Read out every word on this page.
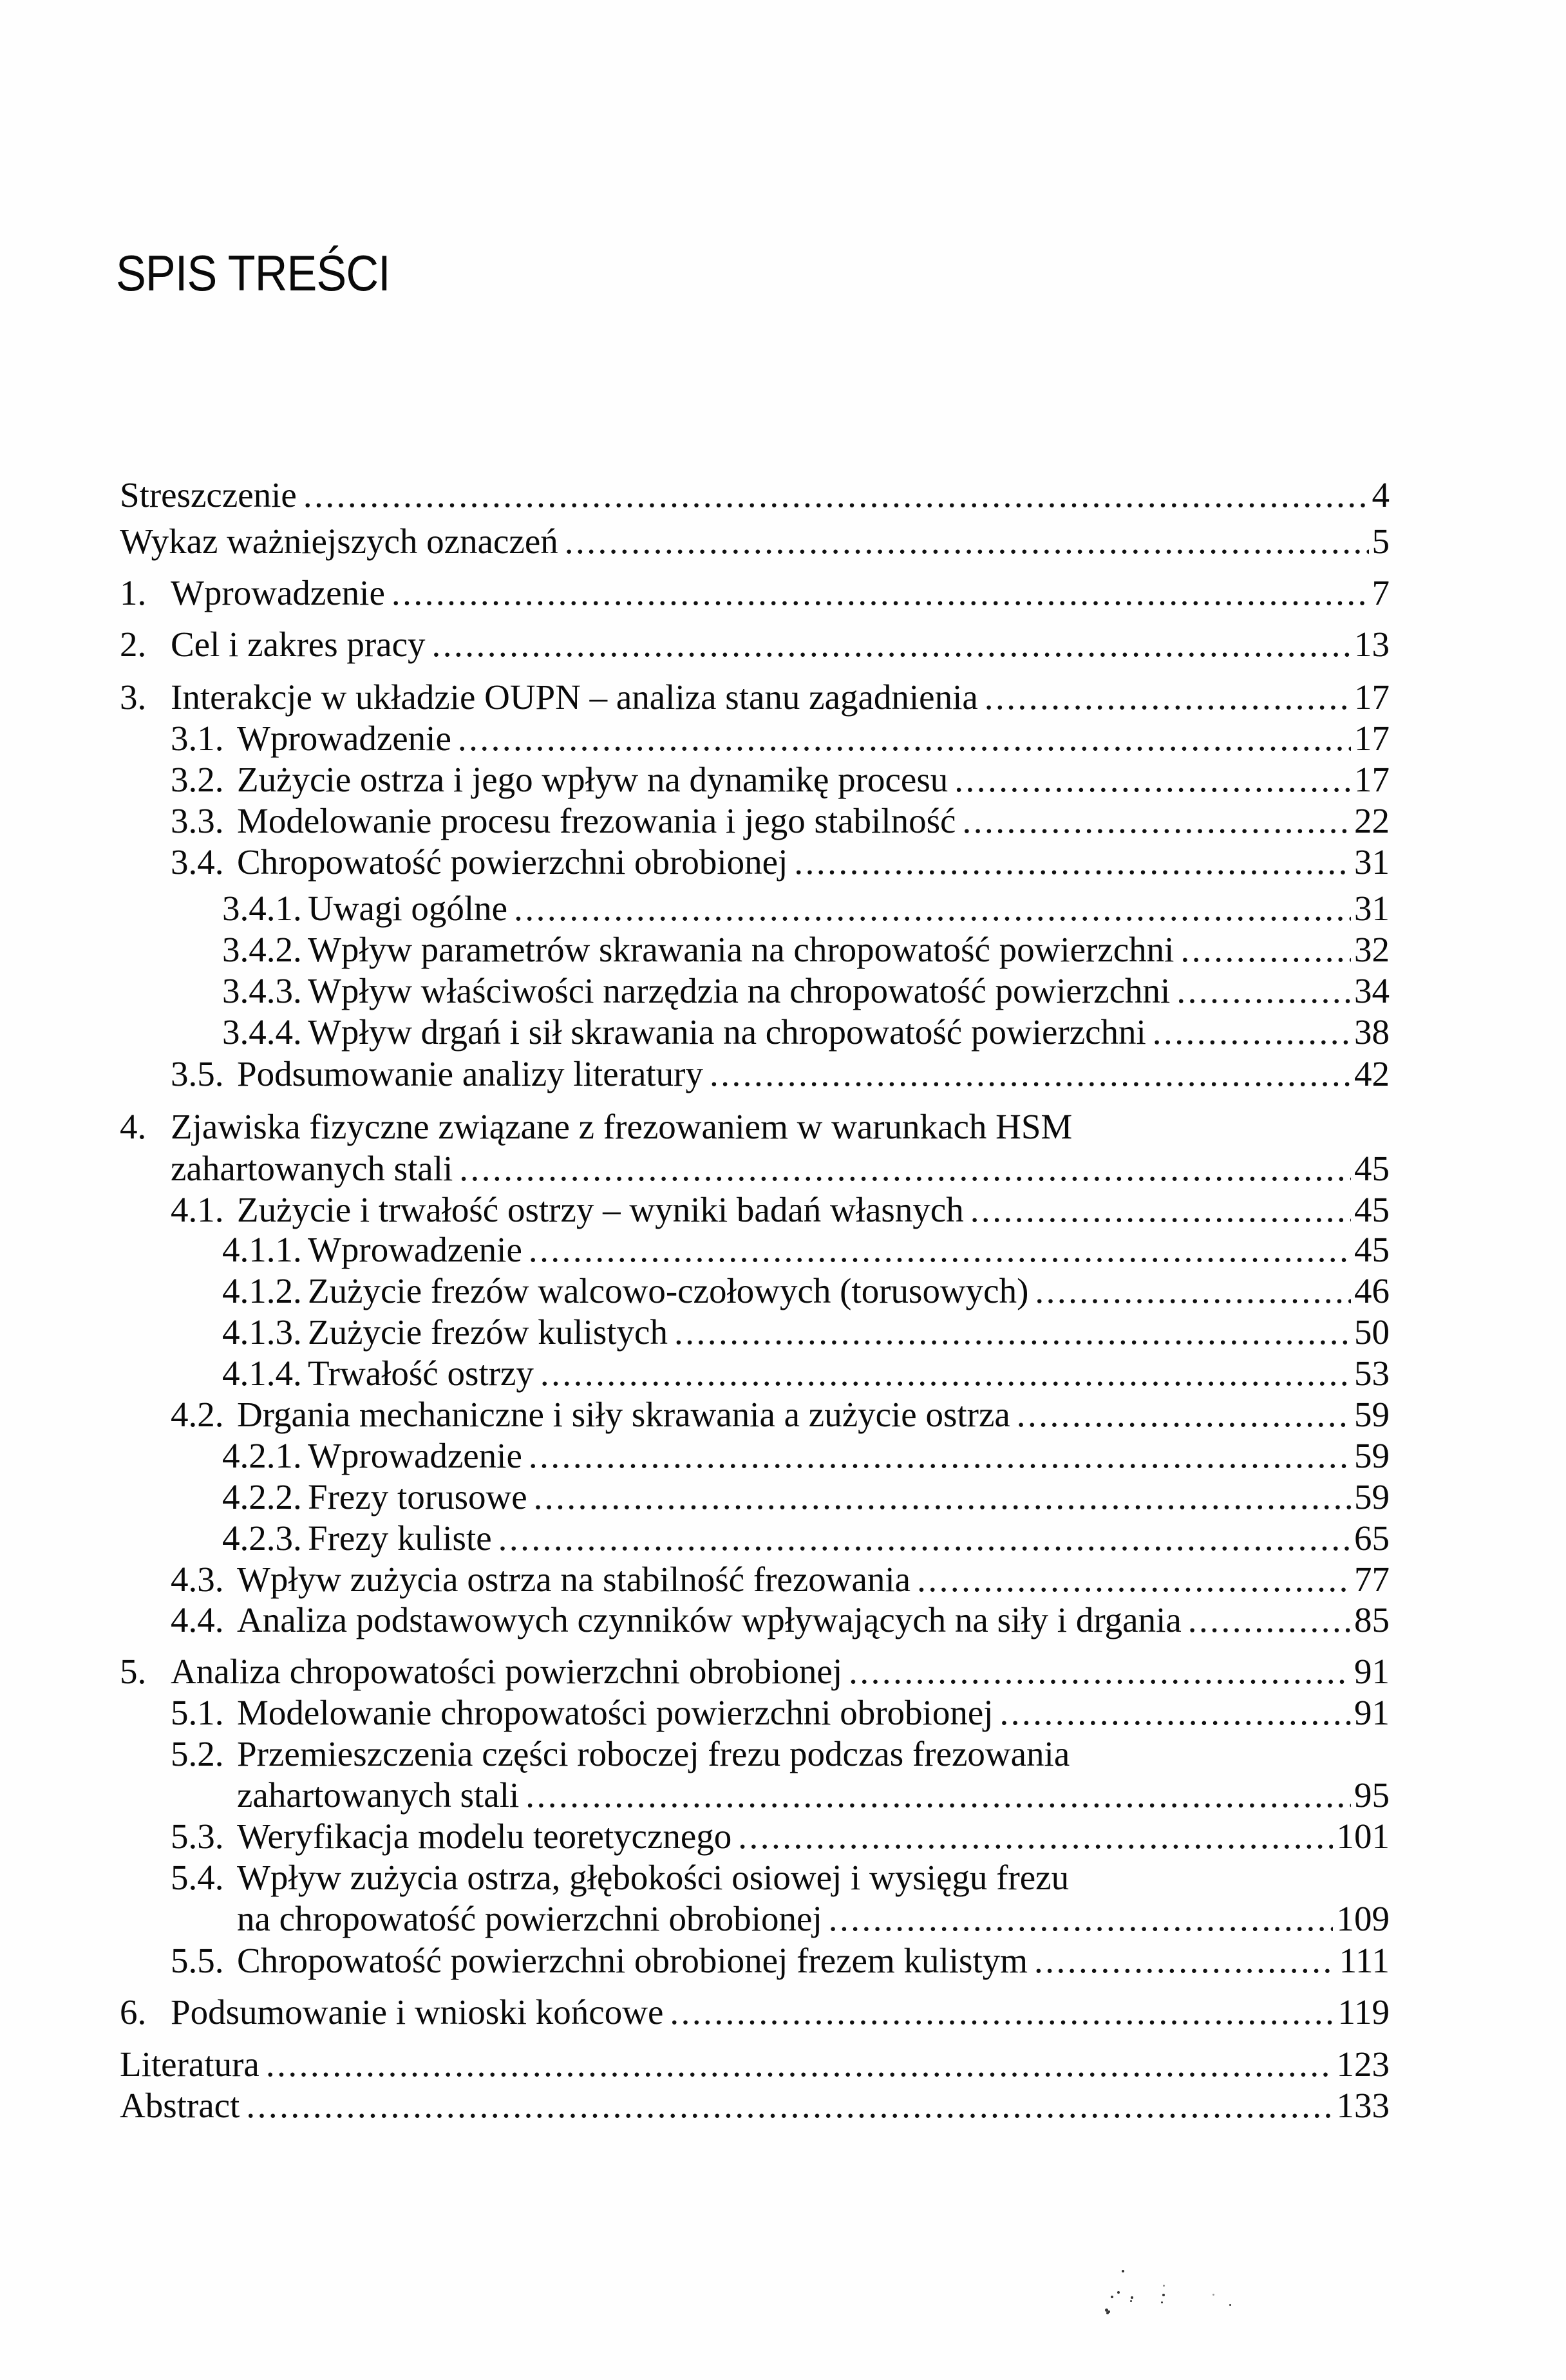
SPIS TREŚCI
Streszczenie .....	4
Wykaz ważniejszych oznaczeń .....	5
1. Wprowadzenie .....	7
2. Cel i zakres pracy .....	13
3. Interakcje w układzie OUPN – analiza stanu zagadnienia .....	17
3.1. Wprowadzenie .....	17
3.2. Zużycie ostrza i jego wpływ na dynamikę procesu .....	17
3.3. Modelowanie procesu frezowania i jego stabilność .....	22
3.4. Chropowatość powierzchni obrobionej .....	31
3.4.1. Uwagi ogólne .....	31
3.4.2. Wpływ parametrów skrawania na chropowatość powierzchni .....	32
3.4.3. Wpływ właściwości narzędzia na chropowatość powierzchni .....	34
3.4.4. Wpływ drgań i sił skrawania na chropowatość powierzchni .....	38
3.5. Podsumowanie analizy literatury .....	42
4. Zjawiska fizyczne związane z frezowaniem w warunkach HSM
zahartowanych stali .....	45
4.1. Zużycie i trwałość ostrzy – wyniki badań własnych .....	45
4.1.1. Wprowadzenie .....	45
4.1.2. Zużycie frezów walcowo-czołowych (torusowych) .....	46
4.1.3. Zużycie frezów kulistych .....	50
4.1.4. Trwałość ostrzy .....	53
4.2. Drgania mechaniczne i siły skrawania a zużycie ostrza .....	59
4.2.1. Wprowadzenie .....	59
4.2.2. Frezy torusowe .....	59
4.2.3. Frezy kuliste .....	65
4.3. Wpływ zużycia ostrza na stabilność frezowania .....	77
4.4. Analiza podstawowych czynników wpływających na siły i drgania .....	85
5. Analiza chropowatości powierzchni obrobionej .....	91
5.1. Modelowanie chropowatości powierzchni obrobionej .....	91
5.2. Przemieszczenia części roboczej frezu podczas frezowania
zahartowanych stali .....	95
5.3. Weryfikacja modelu teoretycznego .....	101
5.4. Wpływ zużycia ostrza, głębokości osiowej i wysięgu frezu
na chropowatość powierzchni obrobionej .....	109
5.5. Chropowatość powierzchni obrobionej frezem kulistym .....	111
6. Podsumowanie i wnioski końcowe .....	119
Literatura .....	123
Abstract .....	133
